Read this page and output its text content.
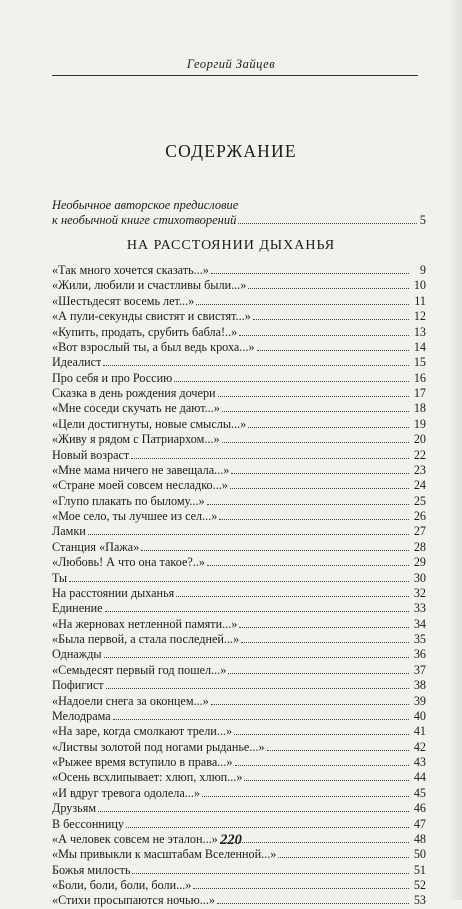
Георгий Зайцев
СОДЕРЖАНИЕ
Необычное авторское предисловие
к необычной книге стихотворений	5
НА РАССТОЯНИИ ДЫХАНЬЯ
«Так много хочется сказать...»	9
«Жили, любили и счастливы были...»	10
«Шестьдесят восемь лет...»	11
«А пули-секунды свистят и свистят...»	12
«Купить, продать, срубить бабла!..»	13
«Вот взрослый ты, а был ведь кроха...»	14
Идеалист	15
Про себя и про Россию	16
Сказка в день рождения дочери	17
«Мне соседи скучать не дают...»	18
«Цели достигнуты, новые смыслы...»	19
«Живу я рядом с Патриархом...»	20
Новый возраст	22
«Мне мама ничего не завещала...»	23
«Стране моей совсем несладко...»	24
«Глупо плакать по былому...»	25
«Мое село, ты лучшее из сел...»	26
Ламки	27
Станция «Пажа»	28
«Любовь! А что она такое?..»	29
Ты	30
На расстоянии дыханья	32
Единение	33
«На жерновах нетленной памяти...»	34
«Была первой, а стала последней...»	35
Однажды	36
«Семьдесят первый год пошел...»	37
Пофигист	38
«Надоели снега за оконцем...»	39
Мелодрама	40
«На заре, когда смолкают трели...»	41
«Листвы золотой под ногами рыданье...»	42
«Рыжее время вступило в права...»	43
«Осень всхлипывает: хлюп, хлюп...»	44
«И вдруг тревога одолела...»	45
Друзьям	46
В бессонницу	47
«А человек совсем не эталон...»	48
«Мы привыкли к масштабам Вселенной...»	50
Божья милость	51
«Боли, боли, боли, боли...»	52
«Стихи просыпаются ночью...»	53
220
